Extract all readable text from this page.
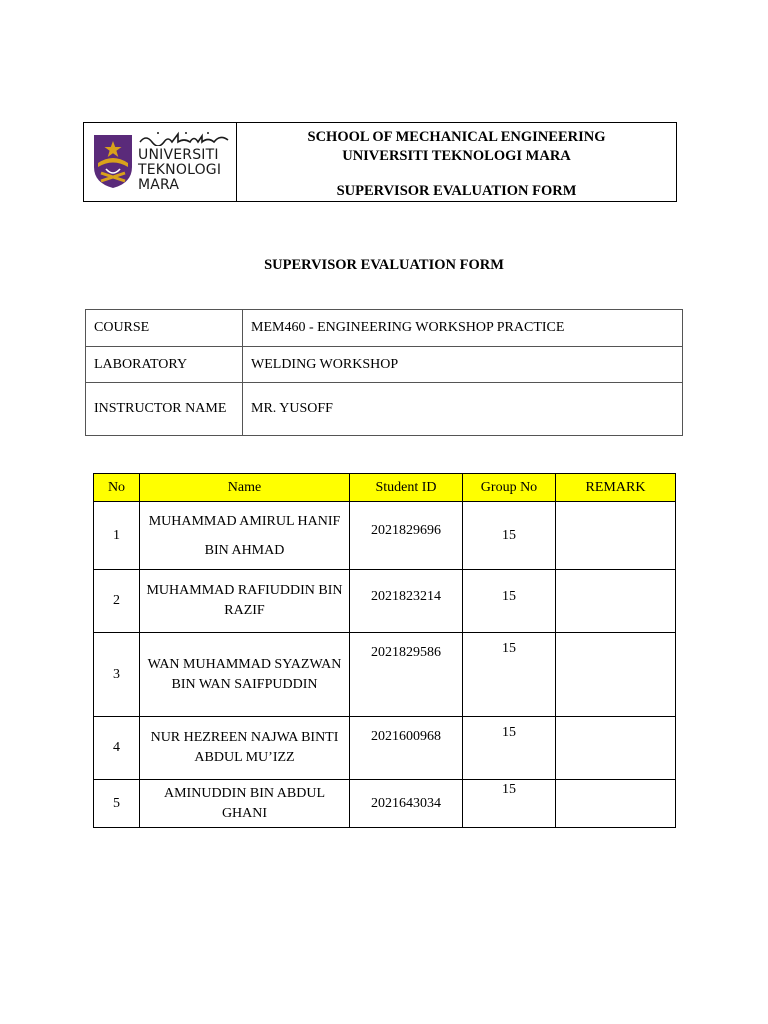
UNIVERSITI
TEKNOLOGI
MARA
SCHOOL OF MECHANICAL ENGINEERING
UNIVERSITI TEKNOLOGI MARA
SUPERVISOR EVALUATION FORM
SUPERVISOR EVALUATION FORM
COURSE	MEM460 - ENGINEERING WORKSHOP PRACTICE
LABORATORY	WELDING WORKSHOP
INSTRUCTOR NAME	MR. YUSOFF
No	Name	Student ID	Group No	REMARK
1	MUHAMMAD AMIRUL HANIF BIN AHMAD	2021829696	15	
2	MUHAMMAD RAFIUDDIN BIN RAZIF	2021823214	15	
3	WAN MUHAMMAD SYAZWAN BIN WAN SAIFPUDDIN	2021829586	15	
4	NUR HEZREEN NAJWA BINTI ABDUL MU’IZZ	2021600968	15	
5	AMINUDDIN BIN ABDUL GHANI	2021643034	15	
